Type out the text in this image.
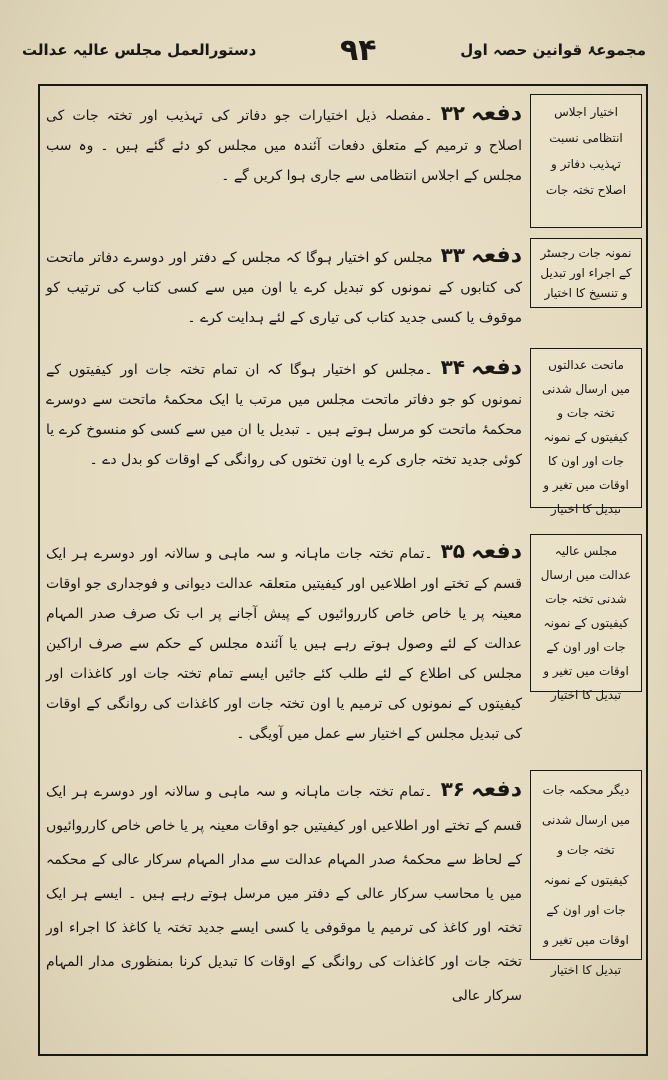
مجموعۂ قوانین حصہ اول
۹۴
دستورالعمل مجلس عالیہ عدالت
اختیار اجلاس انتظامی نسبت تہذیب دفاتر و اصلاح تختہ جات
دفعہ۳۲۔مفصلہ ذیل اختیارات جو دفاتر کی تہذیب اور تختہ جات کی اصلاح و ترمیم کے متعلق دفعات آئندہ میں مجلس کو دئے گئے ہیں ۔ وہ سب مجلس کے اجلاس انتظامی سے جاری ہوا کریں گے ۔
نمونہ جات رجسٹر کے اجراء اور تبدیل و تنسیخ کا اختیار
دفعہ۳۳مجلس کو اختیار ہوگا کہ مجلس کے دفتر اور دوسرے دفاتر ماتحت کی کتابوں کے نمونوں کو تبدیل کرے یا اون میں سے کسی کتاب کی ترتیب کو موقوف یا کسی جدید کتاب کی تیاری کے لئے ہدایت کرے ۔
ماتحت عدالتوں میں ارسال شدنی تختہ جات و کیفیتوں کے نمونہ جات اور اون کا اوقات میں تغیر و تبدیل کا اختیار
دفعہ۳۴۔مجلس کو اختیار ہوگا کہ ان تمام تختہ جات اور کیفیتوں کے نمونوں کو جو دفاتر ماتحت مجلس میں مرتب یا ایک محکمۂ ماتحت سے دوسرے محکمۂ ماتحت کو مرسل ہوتے ہیں ۔ تبدیل یا ان میں سے کسی کو منسوخ کرے یا کوئی جدید تختہ جاری کرے یا اون تختوں کی روانگی کے اوقات کو بدل دے ۔
مجلس عالیہ عدالت میں ارسال شدنی تختہ جات کیفیتوں کے نمونہ جات اور اون کے اوقات میں تغیر و تبدیل کا اختیار
دفعہ۳۵۔تمام تختہ جات ماہانہ و سہ ماہی و سالانہ اور دوسرے ہر ایک قسم کے تختے اور اطلاعیں اور کیفیتیں متعلقہ عدالت دیوانی و فوجداری جو اوقات معینہ پر یا خاص خاص کارروائیوں کے پیش آجانے پر اب تک صرف صدر المہام عدالت کے لئے وصول ہوتے رہے ہیں یا آئندہ مجلس کے حکم سے صرف اراکین مجلس کی اطلاع کے لئے طلب کئے جائیں ایسے تمام تختہ جات اور کاغذات اور کیفیتوں کے نمونوں کی ترمیم یا اون تختہ جات اور کاغذات کی روانگی کے اوقات کی تبدیل مجلس کے اختیار سے عمل میں آویگی ۔
دیگر محکمہ جات میں ارسال شدنی تختہ جات و کیفیتوں کے نمونہ جات اور اون کے اوقات میں تغیر و تبدیل کا اختیار
دفعہ۳۶۔تمام تختہ جات ماہانہ و سہ ماہی و سالانہ اور دوسرے ہر ایک قسم کے تختے اور اطلاعیں اور کیفیتیں جو اوقات معینہ پر یا خاص خاص کارروائیوں کے لحاظ سے محکمۂ صدر المہام عدالت سے مدار المہام سرکار عالی کے محکمہ میں یا محاسب سرکار عالی کے دفتر میں مرسل ہوتے رہے ہیں ۔ ایسے ہر ایک تختہ اور کاغذ کی ترمیم یا موقوفی یا کسی ایسے جدید تختہ یا کاغذ کا اجراء اور تختہ جات اور کاغذات کی روانگی کے اوقات کا تبدیل کرنا بمنظوری مدار المہام سرکار عالی
